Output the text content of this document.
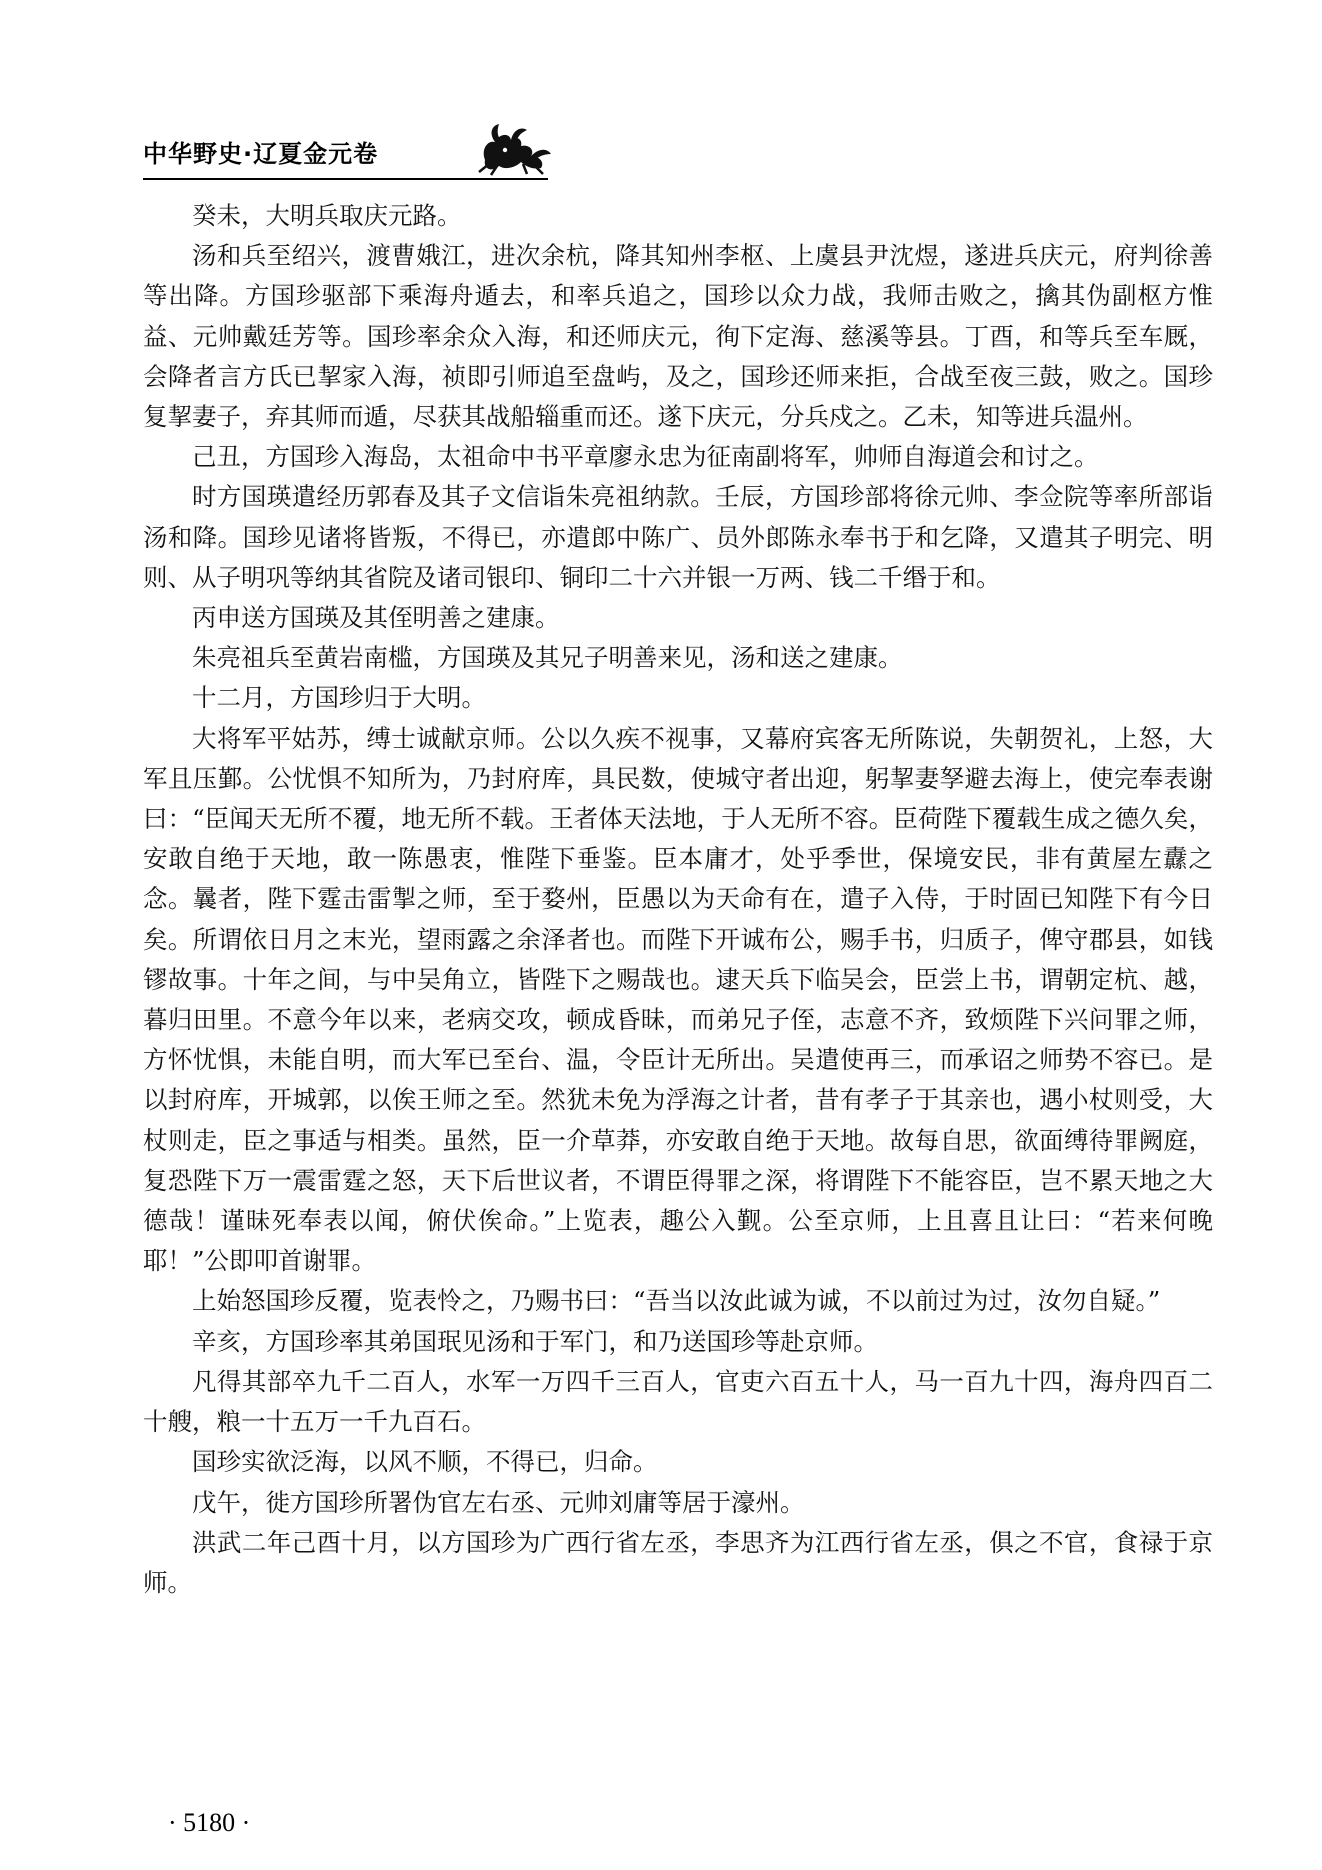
中华野史·辽夏金元卷

癸未，大明兵取庆元路。

汤和兵至绍兴，渡曹娥江，进次余杭，降其知州李枢、上虞县尹沈煜，遂进兵庆元，府判徐善等出降。方国珍驱部下乘海舟遁去，和率兵追之，国珍以众力战，我师击败之，擒其伪副枢方惟益、元帅戴廷芳等。国珍率余众入海，和还师庆元，徇下定海、慈溪等县。丁酉，和等兵至车厩，会降者言方氏已挈家入海，祯即引师追至盘屿，及之，国珍还师来拒，合战至夜三鼓，败之。国珍复挈妻子，弃其师而遁，尽获其战船辎重而还。遂下庆元，分兵戍之。乙未，知等进兵温州。

己丑，方国珍入海岛，太祖命中书平章廖永忠为征南副将军，帅师自海道会和讨之。

时方国瑛遣经历郭春及其子文信诣朱亮祖纳款。壬辰，方国珍部将徐元帅、李佥院等率所部诣汤和降。国珍见诸将皆叛，不得已，亦遣郎中陈广、员外郎陈永奉书于和乞降，又遣其子明完、明则、从子明巩等纳其省院及诸司银印、铜印二十六并银一万两、钱二千缗于和。

丙申送方国瑛及其侄明善之建康。

朱亮祖兵至黄岩南槛，方国瑛及其兄子明善来见，汤和送之建康。

十二月，方国珍归于大明。

大将军平姑苏，缚士诚献京师。公以久疾不视事，又幕府宾客无所陈说，失朝贺礼，上怒，大军且压鄞。公忧惧不知所为，乃封府库，具民数，使城守者出迎，躬挈妻孥避去海上，使完奉表谢曰：“臣闻天无所不覆，地无所不载。王者体天法地，于人无所不容。臣荷陛下覆载生成之德久矣，安敢自绝于天地，敢一陈愚衷，惟陛下垂鉴。臣本庸才，处乎季世，保境安民，非有黄屋左纛之念。曩者，陛下霆击雷掣之师，至于婺州，臣愚以为天命有在，遣子入侍，于时固已知陛下有今日矣。所谓依日月之末光，望雨露之余泽者也。而陛下开诚布公，赐手书，归质子，俾守郡县，如钱镠故事。十年之间，与中吴角立，皆陛下之赐哉也。逮天兵下临吴会，臣尝上书，谓朝定杭、越，暮归田里。不意今年以来，老病交攻，顿成昏昧，而弟兄子侄，志意不齐，致烦陛下兴问罪之师，方怀忧惧，未能自明，而大军已至台、温，令臣计无所出。吴遣使再三，而承诏之师势不容已。是以封府库，开城郭，以俟王师之至。然犹未免为浮海之计者，昔有孝子于其亲也，遇小杖则受，大杖则走，臣之事适与相类。虽然，臣一介草莽，亦安敢自绝于天地。故每自思，欲面缚待罪阙庭，复恐陛下万一震雷霆之怒，天下后世议者，不谓臣得罪之深，将谓陛下不能容臣，岂不累天地之大德哉！谨昧死奉表以闻，俯伏俟命。”上览表，趣公入觐。公至京师，上且喜且让曰：“若来何晚耶！”公即叩首谢罪。

上始怒国珍反覆，览表怜之，乃赐书曰：“吾当以汝此诚为诚，不以前过为过，汝勿自疑。”

辛亥，方国珍率其弟国珉见汤和于军门，和乃送国珍等赴京师。

凡得其部卒九千二百人，水军一万四千三百人，官吏六百五十人，马一百九十四，海舟四百二十艘，粮一十五万一千九百石。

国珍实欲泛海，以风不顺，不得已，归命。

戊午，徙方国珍所署伪官左右丞、元帅刘庸等居于濠州。

洪武二年己酉十月，以方国珍为广西行省左丞，李思齐为江西行省左丞，俱之不官，食禄于京师。

· 5180 ·
